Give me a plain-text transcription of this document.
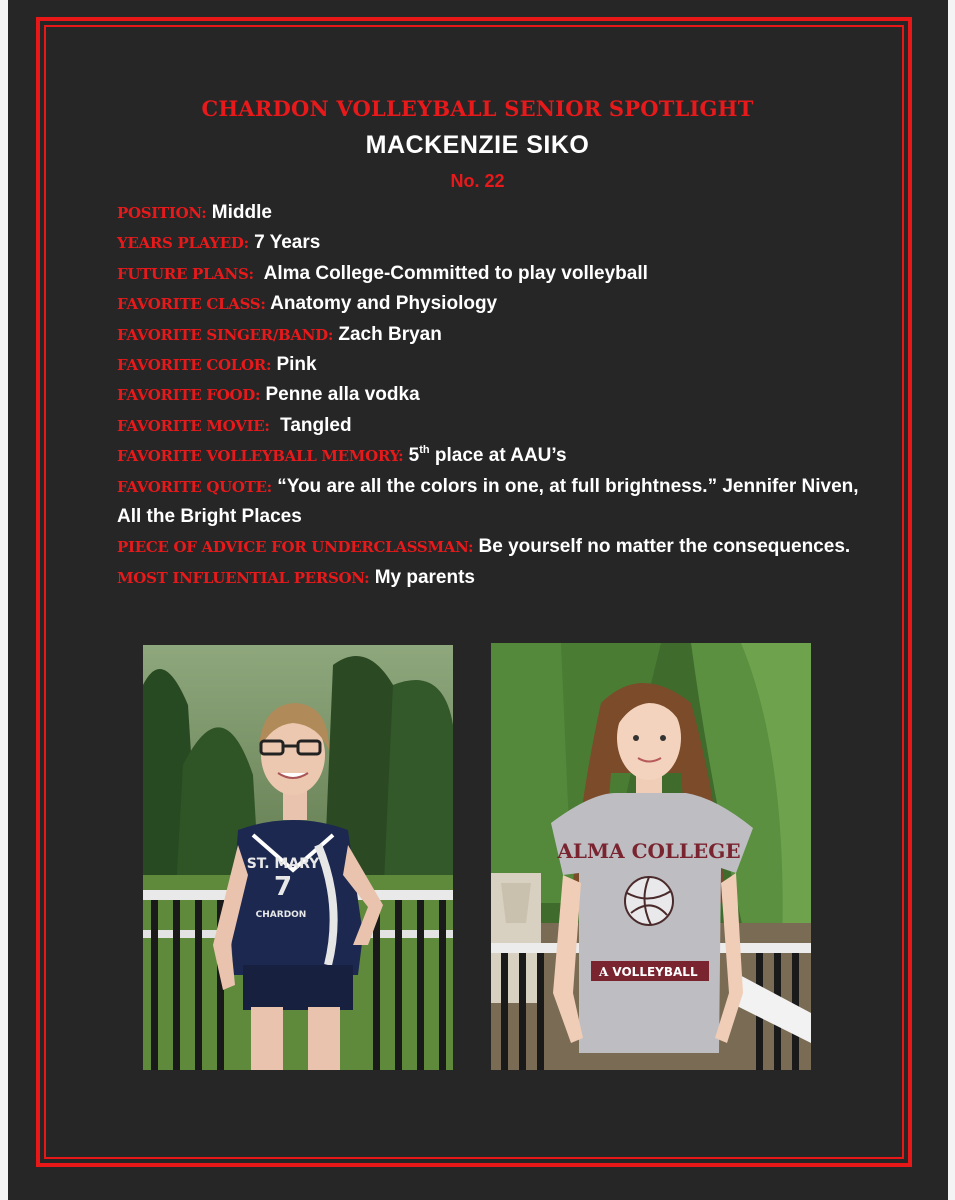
CHARDON VOLLEYBALL SENIOR SPOTLIGHT
MACKENZIE SIKO
No. 22

POSITION: Middle

YEARS PLAYED: 7 Years

FUTURE PLANS: Alma College-Committed to play volleyball

FAVORITE CLASS: Anatomy and Physiology

FAVORITE SINGER/BAND: Zach Bryan

FAVORITE COLOR: Pink

FAVORITE FOOD: Penne alla vodka

FAVORITE MOVIE: Tangled

FAVORITE VOLLEYBALL MEMORY: 5th place at AAU’s

FAVORITE QUOTE: “You are all the colors in one, at full brightness.” Jennifer Niven, All the Bright Places

PIECE OF ADVICE FOR UNDERCLASSMAN: Be yourself no matter the consequences.

MOST INFLUENTIAL PERSON: My parents

ST. MARY
7
CHARDON
ALMA COLLEGE
A VOLLEYBALL
